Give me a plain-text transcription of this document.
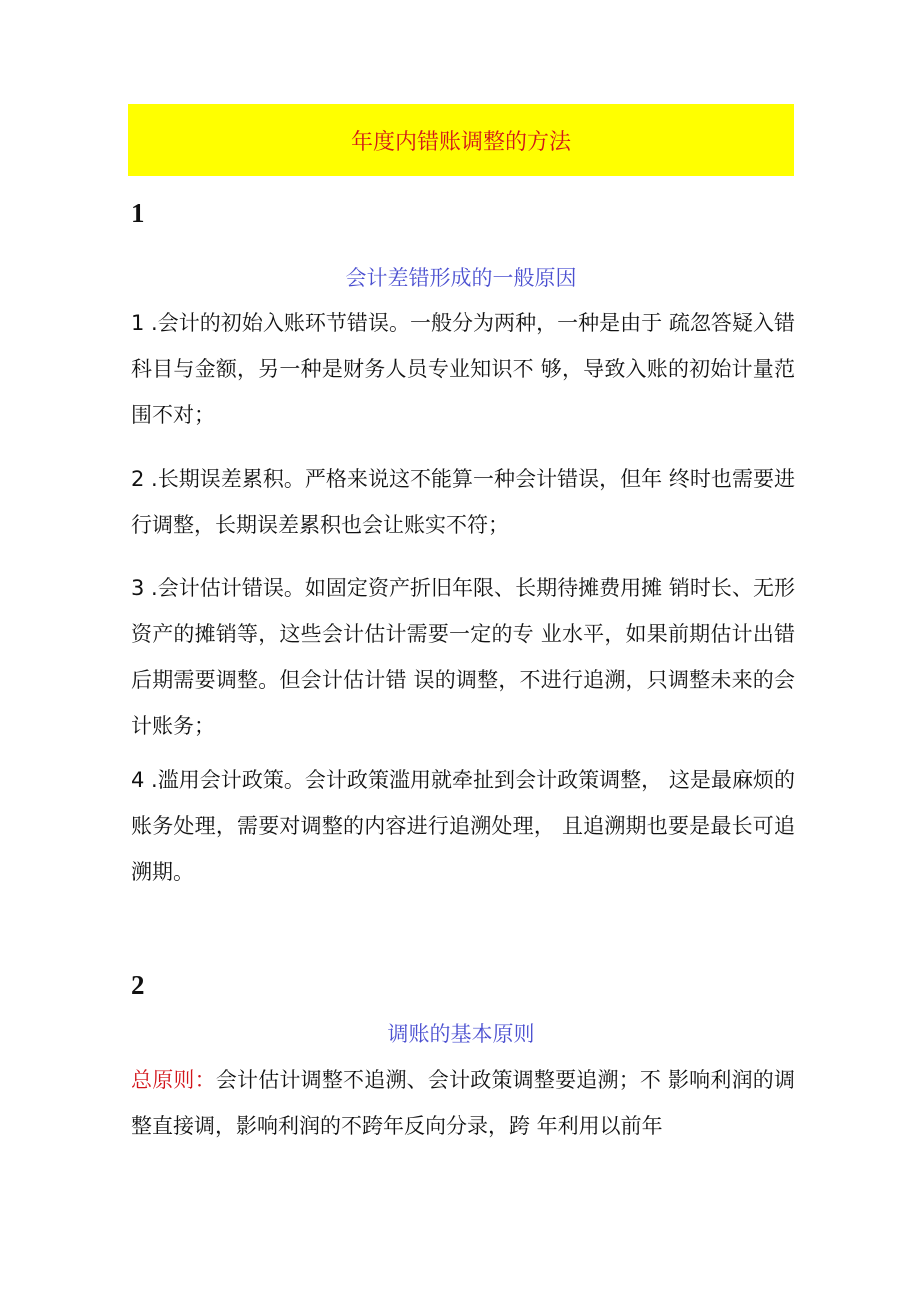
年度内错账调整的方法
1
会计差错形成的一般原因

1 .会计的初始入账环节错误。一般分为两种，一种是由于 疏忽答疑入错科目与金额，另一种是财务人员专业知识不 够，导致入账的初始计量范围不对；

2 .长期误差累积。严格来说这不能算一种会计错误，但年 终时也需要进行调整，长期误差累积也会让账实不符；

3 .会计估计错误。如固定资产折旧年限、长期待摊费用摊 销时长、无形资产的摊销等，这些会计估计需要一定的专 业水平，如果前期估计出错后期需要调整。但会计估计错 误的调整，不进行追溯，只调整未来的会计账务；

4 .滥用会计政策。会计政策滥用就牵扯到会计政策调整， 这是最麻烦的账务处理，需要对调整的内容进行追溯处理， 且追溯期也要是最长可追溯期。

2
调账的基本原则

总原则：会计估计调整不追溯、会计政策调整要追溯；不 影响利润的调整直接调，影响利润的不跨年反向分录，跨 年利用以前年
